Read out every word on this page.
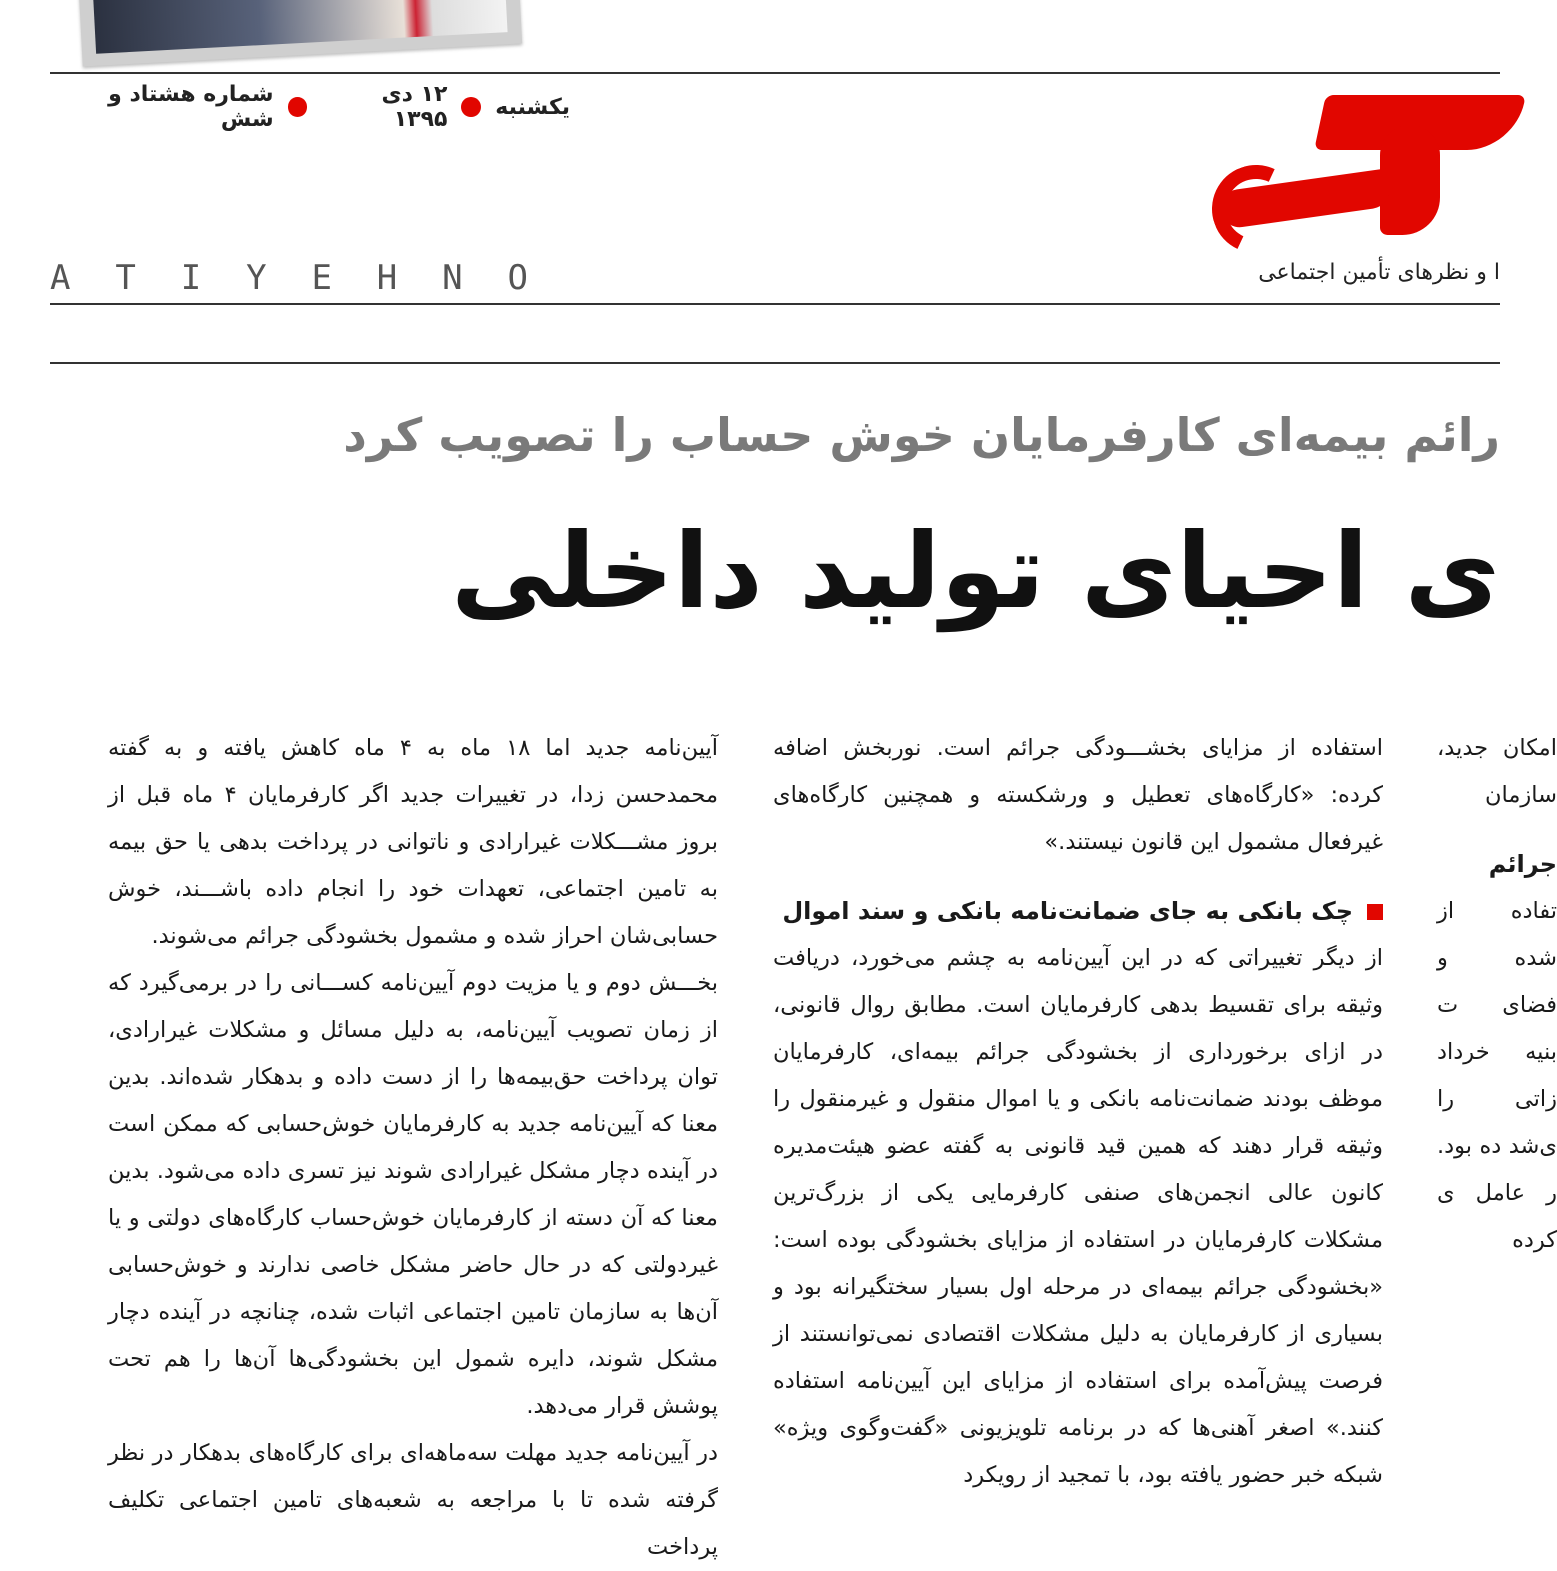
یکشنبه
۱۲ دی ۱۳۹۵
شماره هشتاد و شش
ا و نظرهای تأمین اجتماعی
A T I Y E H N O
رائم بیمه‌ای کارفرمایان خوش حساب را تصویب کرد
ی احیای تولید داخلی

آیین‌نامه جدید اما ۱۸ ماه به ۴ ماه کاهش یافته و به گفته محمدحسن زدا، در تغییرات جدید اگر کارفرمایان ۴ ماه قبل از بروز مشـــکلات غیرارادی و ناتوانی در پرداخت بدهی یا حق بیمه به تامین اجتماعی، تعهدات خود را انجام داده باشـــند، خوش حسابی‌شان احراز شده و مشمول بخشودگی جرائم می‌شوند.

بخـــش دوم و یا مزیت دوم آیین‌نامه کســـانی را در برمی‌گیرد که از زمان تصویب آیین‌نامه، به دلیل مسائل و مشکلات غیرارادی، توان پرداخت حق‌بیمه‌ها را از دست داده و بدهکار شده‌اند. بدین معنا که آیین‌نامه جدید به کارفرمایان خوش‌حسابی که ممکن است در آینده دچار مشکل غیرارادی شوند نیز تسری داده می‌شود. بدین معنا که آن دسته از کارفرمایان خوش‌حساب کارگاه‌های دولتی و یا غیردولتی که در حال حاضر مشکل خاصی ندارند و خوش‌حسابی آن‌ها به سازمان تامین اجتماعی اثبات شده، چنانچه در آینده دچار مشکل شوند، دایره شمول این بخشودگی‌ها آن‌ها را هم تحت پوشش قرار می‌دهد.

در آیین‌نامه جدید مهلت سه‌ماهه‌ای برای کارگاه‌های بدهکار در نظر گرفته شده تا با مراجعه به شعبه‌های تامین اجتماعی تکلیف پرداخت

استفاده از مزایای بخشـــودگی جرائم است. نوربخش اضافه کرده: «کارگاه‌های تعطیل و ورشکسته و همچنین کارگاه‌های غیرفعال مشمول این قانون نیستند.»

چک بانکی به جای ضمانت‌نامه بانکی و سند اموال

از دیگر تغییراتی که در این آیین‌نامه به چشم می‌خورد، دریافت وثیقه برای تقسیط بدهی کارفرمایان است. مطابق روال قانونی، در ازای برخورداری از بخشودگی جرائم بیمه‌ای، کارفرمایان موظف بودند ضمانت‌نامه بانکی و یا اموال منقول و غیرمنقول را وثیقه قرار دهند که همین قید قانونی به گفته عضو هیئت‌مدیره کانون عالی انجمن‌های صنفی کارفرمایی یکی از بزرگ‌ترین مشکلات کارفرمایان در استفاده از مزایای بخشودگی بوده است: «بخشودگی جرائم بیمه‌ای در مرحله اول بسیار سختگیرانه بود و بسیاری از کارفرمایان به دلیل مشکلات اقتصادی نمی‌توانستند از فرصت پیش‌آمده برای استفاده از مزایای این آیین‌نامه استفاده کنند.» اصغر آهنی‌ها که در برنامه تلویزیونی «گفت‌وگوی ویژه» شبکه خبر حضور یافته بود، با تمجید از رویکرد

امکان جدید، سازمان

جرائم

تفاده از شده و فضای ت بنیه خرداد زاتی را ی‌شد ده بود. ر عامل ی کرده
